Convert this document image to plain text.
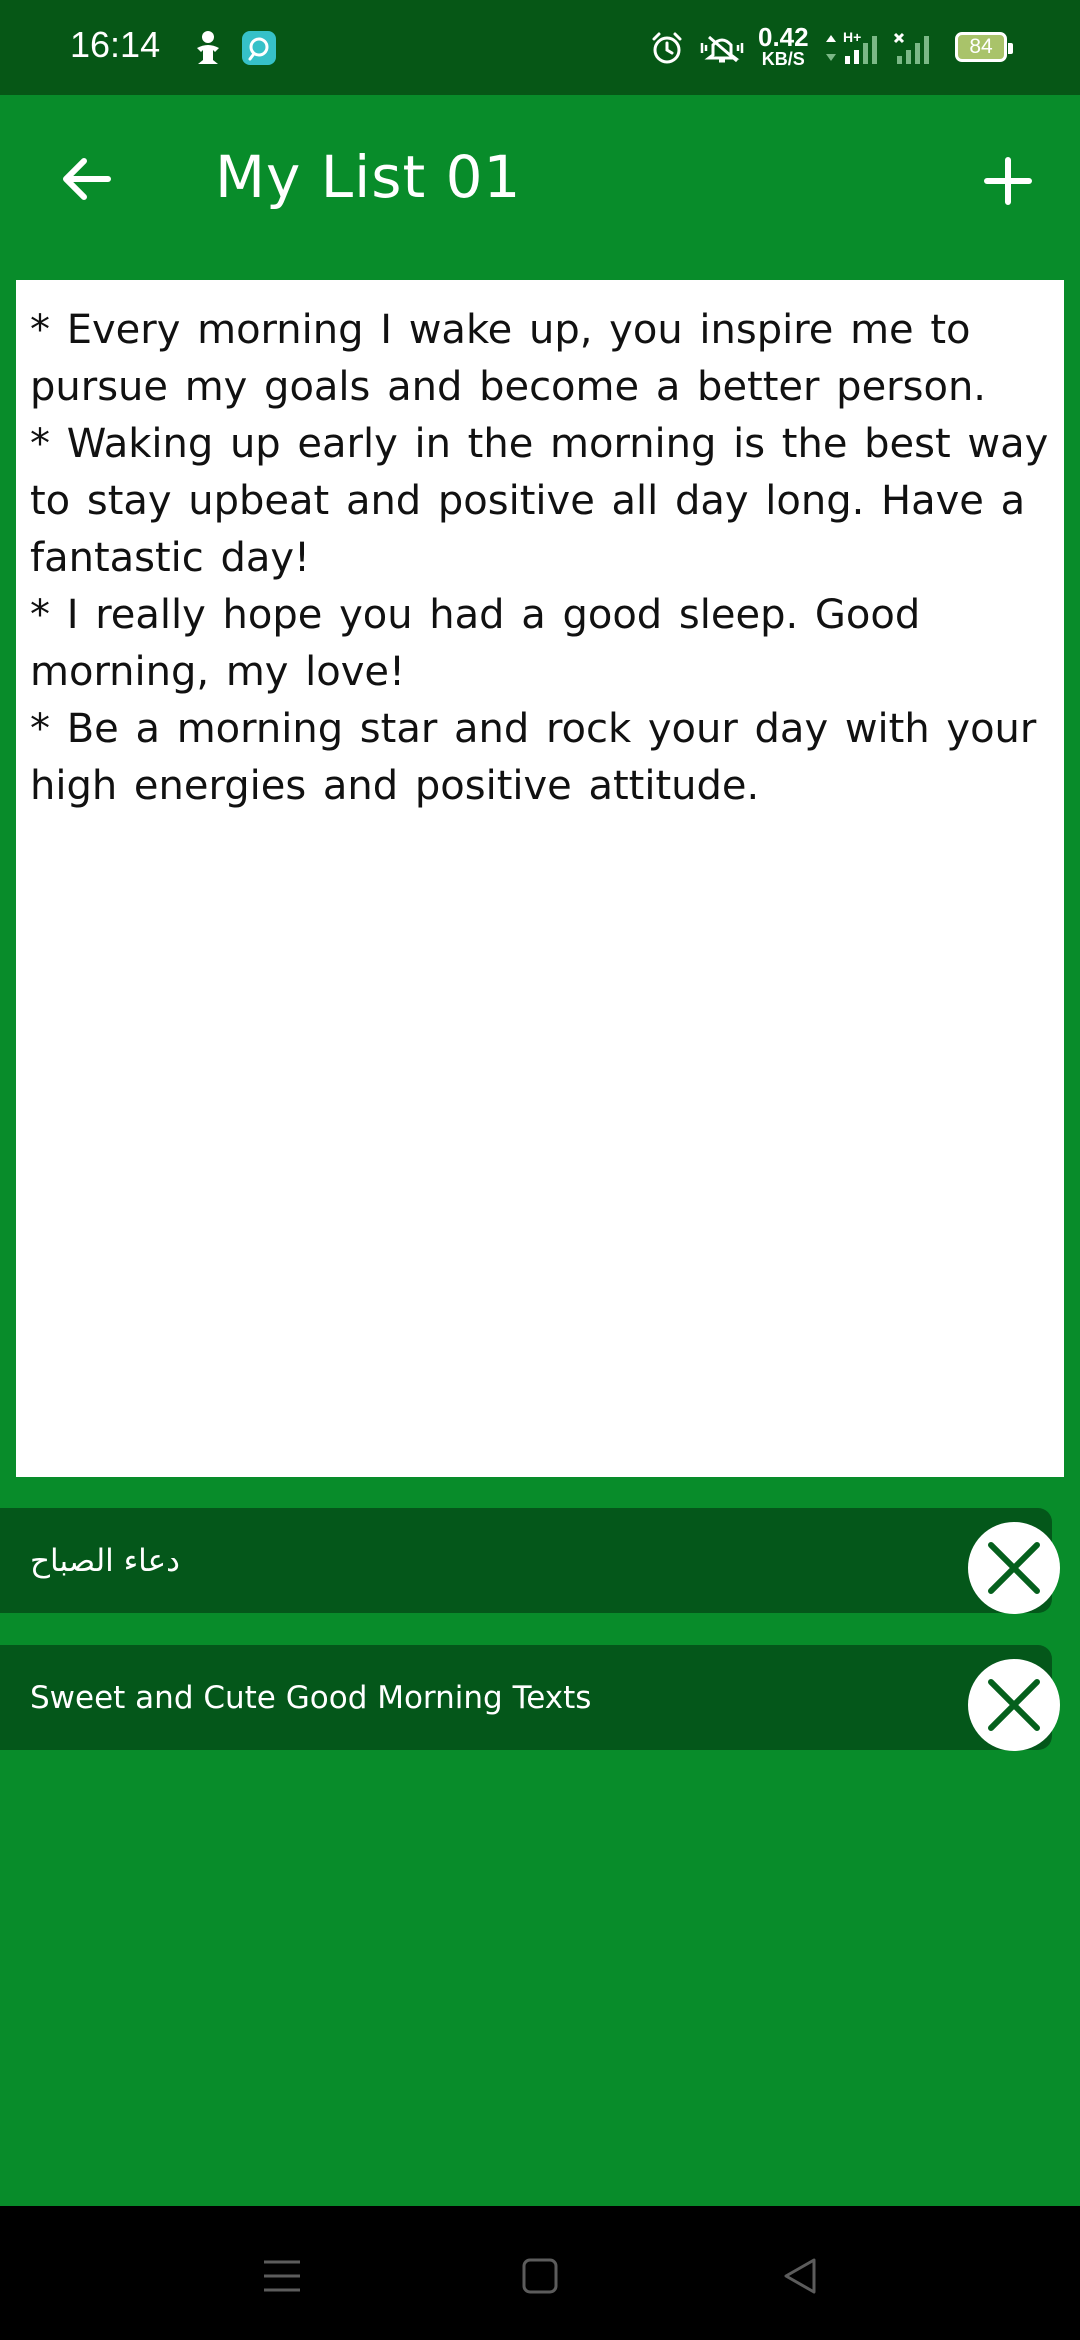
16:14	0.42
KB/S
H+	84
My List 01

* Every morning I wake up, you inspire me to pursue my goals and become a better person.
* Waking up early in the morning is the best way to stay upbeat and positive all day long. Have a fantastic day!
* I really hope you had a good sleep. Good morning, my love!
* Be a morning star and rock your day with your high energies and positive attitude.

دعاء الصباح
Sweet and Cute Good Morning Texts
